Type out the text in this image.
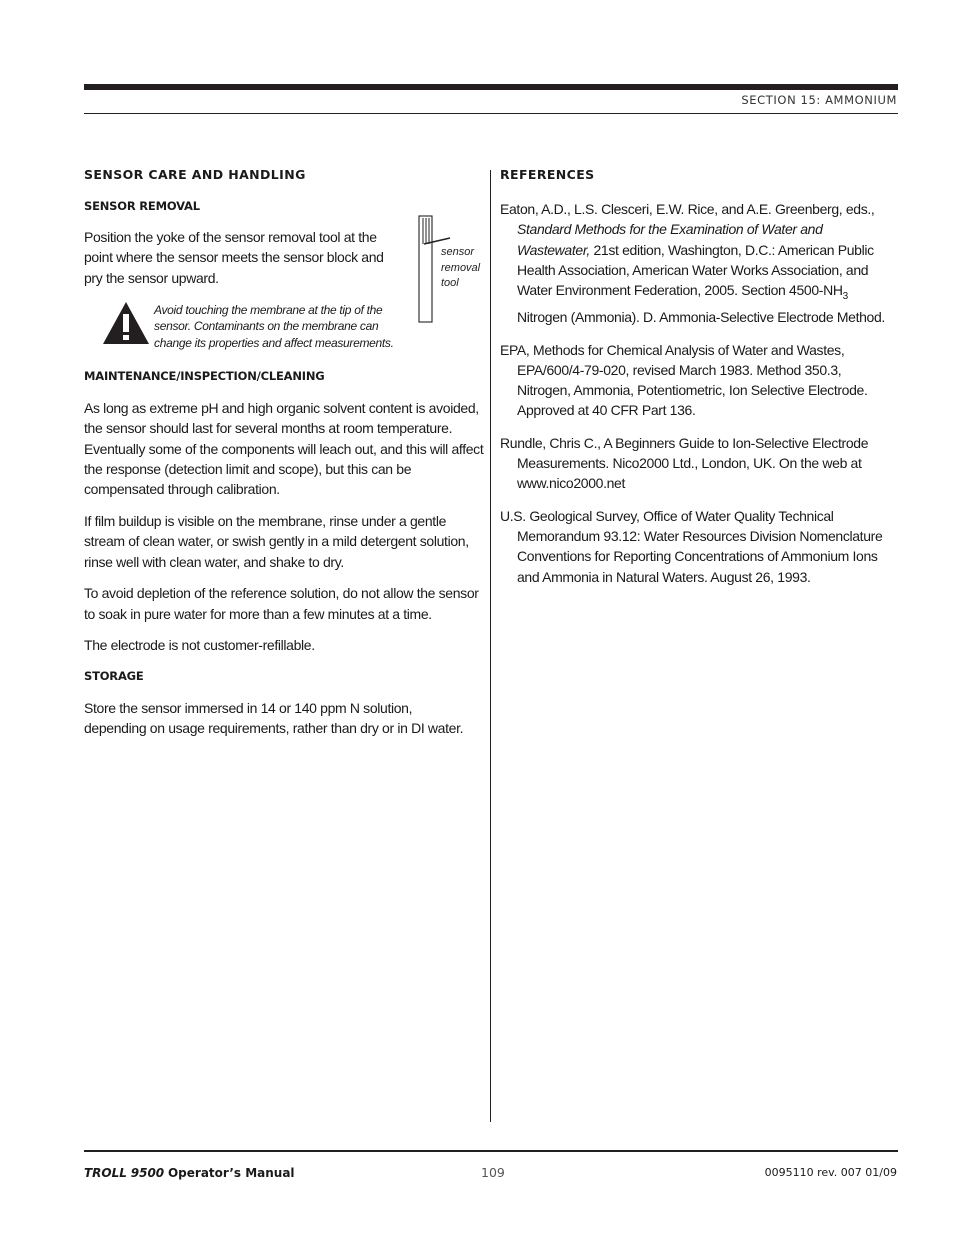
SECTION 15: AMMONIUM
SENSOR CARE AND HANDLING
SENSOR REMOVAL

Position the yoke of the sensor removal tool at the point where the sensor meets the sensor block and pry the sensor upward.

sensor
removal
tool
Avoid touching the membrane at the tip of the sensor. Contaminants on the membrane can change its properties and affect measurements.
MAINTENANCE/INSPECTION/CLEANING

As long as extreme pH and high organic solvent content is avoided, the sensor should last for several months at room temperature. Eventually some of the components will leach out, and this will affect the response (detection limit and scope), but this can be compensated through calibration.

If film buildup is visible on the membrane, rinse under a gentle stream of clean water, or swish gently in a mild detergent solution, rinse well with clean water, and shake to dry.

To avoid depletion of the reference solution, do not allow the sensor to soak in pure water for more than a few minutes at a time.

The electrode is not customer-refillable.

STORAGE

Store the sensor immersed in 14 or 140 ppm N solution, depending on usage requirements, rather than dry or in DI water.

REFERENCES

Eaton, A.D., L.S. Clesceri, E.W. Rice, and A.E. Greenberg, eds., Standard Methods for the Examination of Water and Wastewater, 21st edition, Washington, D.C.: American Public Health Association, American Water Works Association, and Water Environment Federation, 2005. Section $4500-NH_3$ Nitrogen (Ammonia). D. Ammonia-Selective Electrode Method.

EPA, Methods for Chemical Analysis of Water and Wastes, EPA/600/4-79-020, revised March 1983. Method 350.3, Nitrogen, Ammonia, Potentiometric, Ion Selective Electrode. Approved at 40 CFR Part 136.

Rundle, Chris C., A Beginners Guide to Ion-Selective Electrode Measurements. Nico2000 Ltd., London, UK. On the web at www.nico2000.net

U.S. Geological Survey, Office of Water Quality Technical Memorandum 93.12: Water Resources Division Nomenclature Conventions for Reporting Concentrations of Ammonium Ions and Ammonia in Natural Waters. August 26, 1993.

TROLL 9500 Operator’s Manual	109	0095110 rev. 007 01/09
